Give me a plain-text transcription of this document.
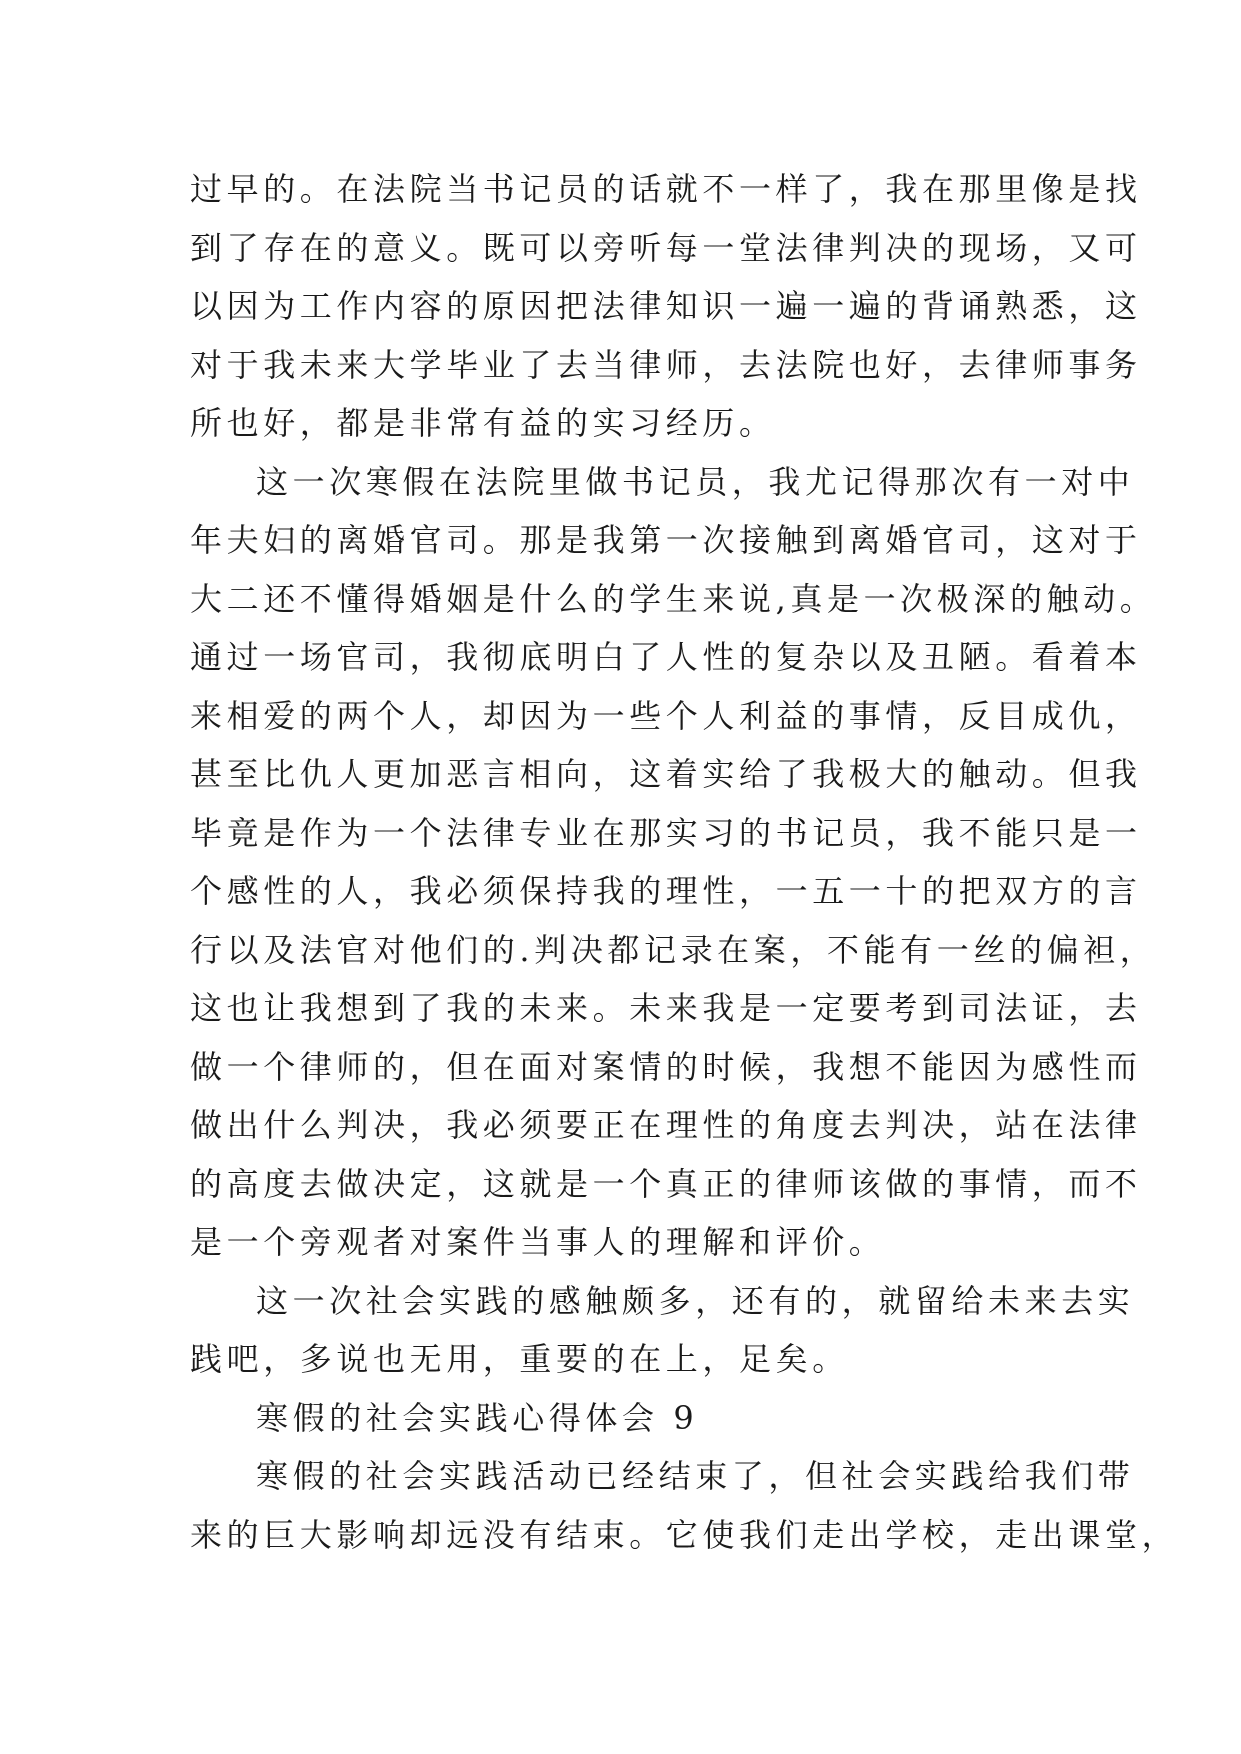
过早的。在法院当书记员的话就不一样了，我在那里像是找
到了存在的意义。既可以旁听每一堂法律判决的现场，又可
以因为工作内容的原因把法律知识一遍一遍的背诵熟悉，这
对于我未来大学毕业了去当律师，去法院也好，去律师事务
所也好，都是非常有益的实习经历。
这一次寒假在法院里做书记员，我尤记得那次有一对中
年夫妇的离婚官司。那是我第一次接触到离婚官司，这对于
大二还不懂得婚姻是什么的学生来说,真是一次极深的触动。
通过一场官司，我彻底明白了人性的复杂以及丑陋。看着本
来相爱的两个人，却因为一些个人利益的事情，反目成仇，
甚至比仇人更加恶言相向，这着实给了我极大的触动。但我
毕竟是作为一个法律专业在那实习的书记员，我不能只是一
个感性的人，我必须保持我的理性，一五一十的把双方的言
行以及法官对他们的.判决都记录在案，不能有一丝的偏袒，
这也让我想到了我的未来。未来我是一定要考到司法证，去
做一个律师的，但在面对案情的时候，我想不能因为感性而
做出什么判决，我必须要正在理性的角度去判决，站在法律
的高度去做决定，这就是一个真正的律师该做的事情，而不
是一个旁观者对案件当事人的理解和评价。
这一次社会实践的感触颇多，还有的，就留给未来去实
践吧，多说也无用，重要的在上，足矣。
寒假的社会实践心得体会 9
寒假的社会实践活动已经结束了，但社会实践给我们带
来的巨大影响却远没有结束。它使我们走出学校，走出课堂，
